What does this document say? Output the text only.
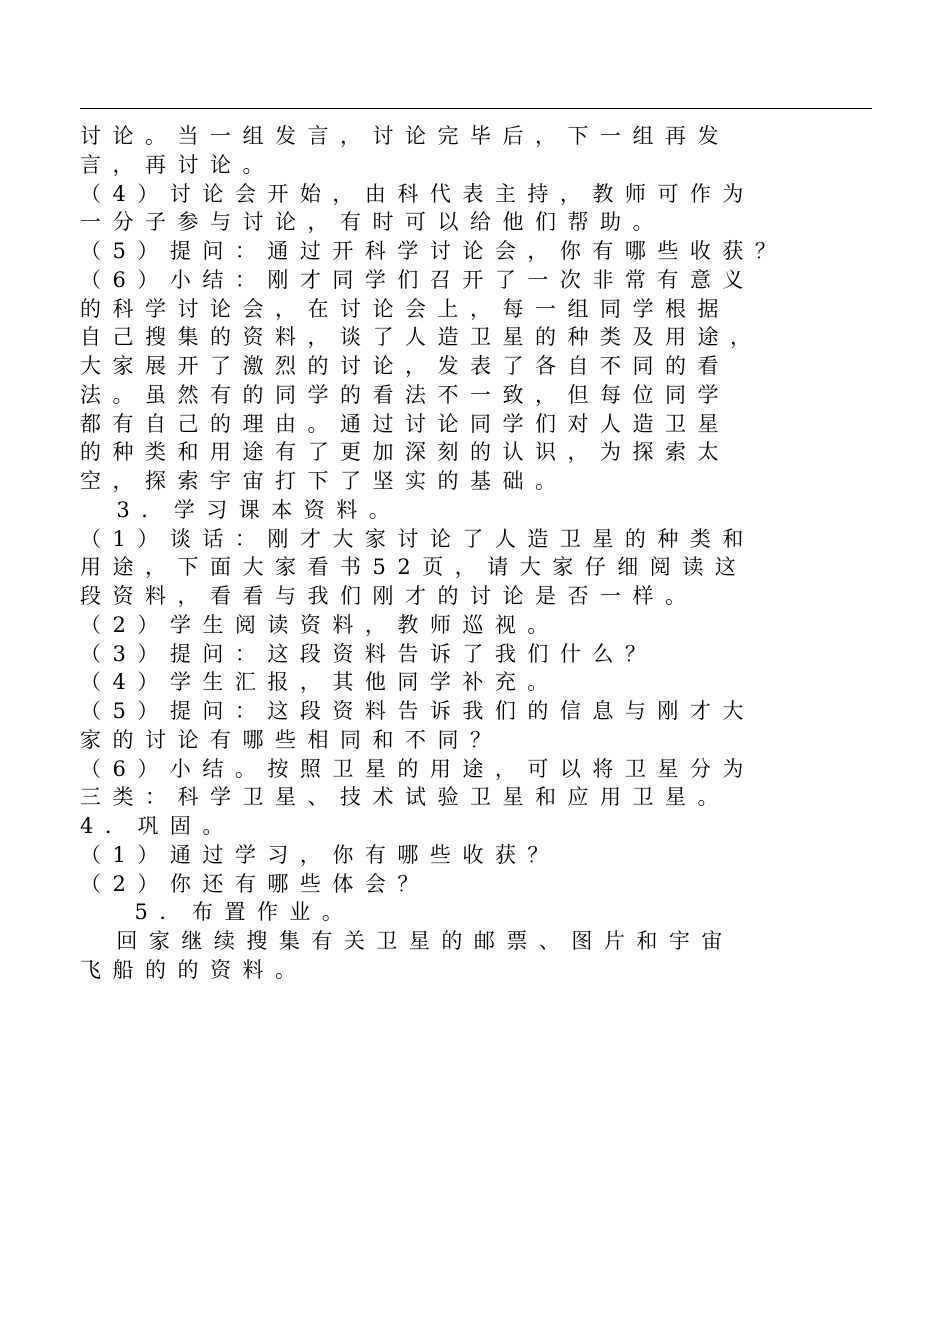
讨论。当一组发言，讨论完毕后，下一组再发
言，再讨论。
（4）讨论会开始，由科代表主持，教师可作为
一分子参与讨论，有时可以给他们帮助。
（5）提问：通过开科学讨论会，你有哪些收获？
（6）小结：刚才同学们召开了一次非常有意义
的科学讨论会，在讨论会上，每一组同学根据
自己搜集的资料，谈了人造卫星的种类及用途，
大家展开了激烈的讨论，发表了各自不同的看
法。虽然有的同学的看法不一致，但每位同学
都有自己的理由。通过讨论同学们对人造卫星
的种类和用途有了更加深刻的认识，为探索太
空，探索宇宙打下了坚实的基础。
3．学习课本资料。
（1）谈话：刚才大家讨论了人造卫星的种类和
用途，下面大家看书52页，请大家仔细阅读这
段资料，看看与我们刚才的讨论是否一样。
（2）学生阅读资料，教师巡视。
（3）提问：这段资料告诉了我们什么？
（4）学生汇报，其他同学补充。
（5）提问：这段资料告诉我们的信息与刚才大
家的讨论有哪些相同和不同？
（6）小结。按照卫星的用途，可以将卫星分为
三类：科学卫星、技术试验卫星和应用卫星。
4．巩固。
（1）通过学习，你有哪些收获？
（2）你还有哪些体会？
5．布置作业。
回家继续搜集有关卫星的邮票、图片和宇宙
飞船的的资料。
